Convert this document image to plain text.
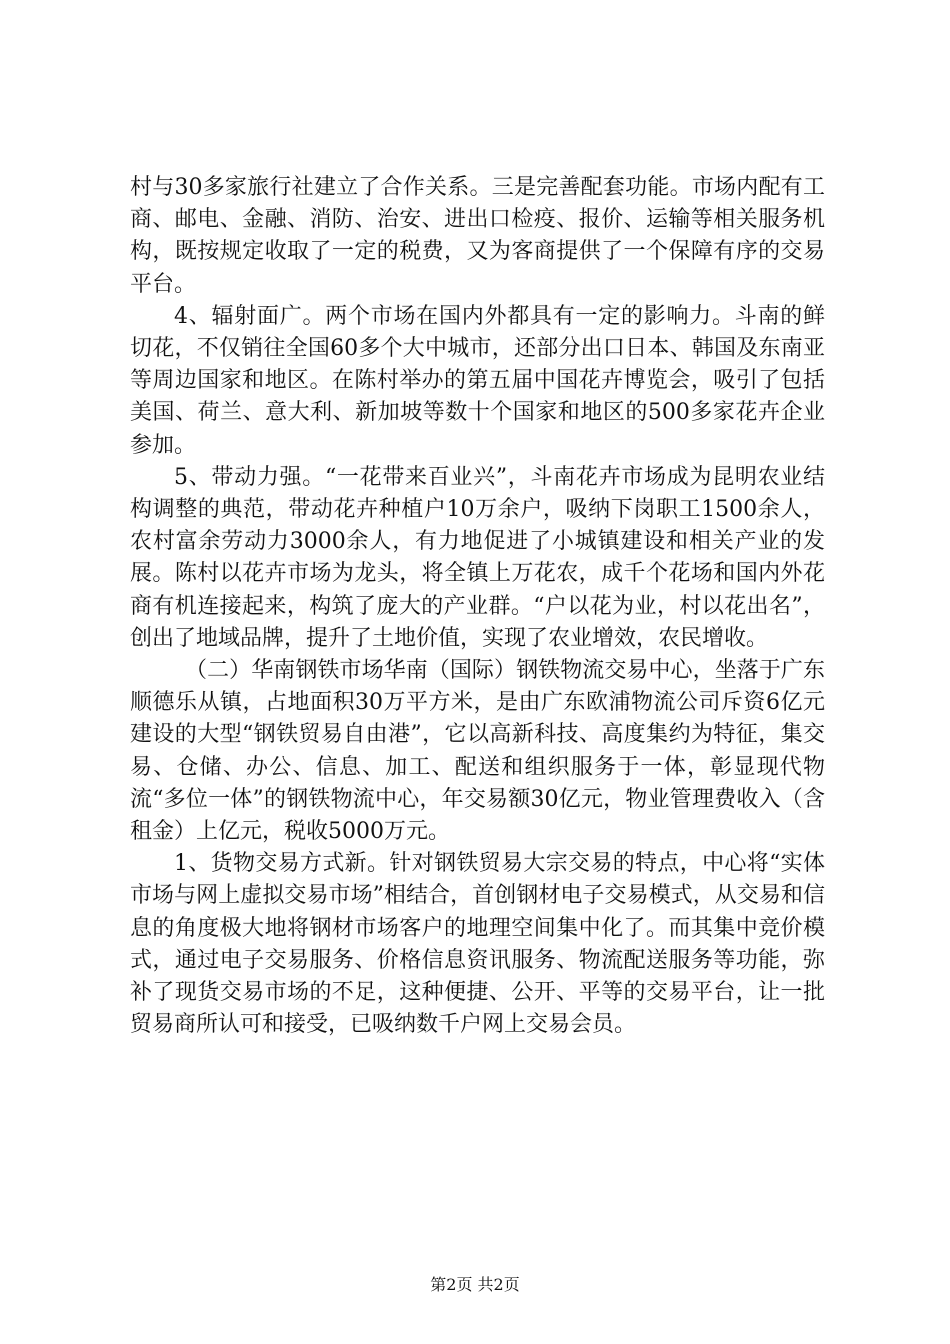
村与30多家旅行社建立了合作关系。三是完善配套功能。市场内配有工商、邮电、金融、消防、治安、进出口检疫、报价、运输等相关服务机构，既按规定收取了一定的税费，又为客商提供了一个保障有序的交易平台。

4、辐射面广。两个市场在国内外都具有一定的影响力。斗南的鲜切花，不仅销往全国60多个大中城市，还部分出口日本、韩国及东南亚等周边国家和地区。在陈村举办的第五届中国花卉博览会，吸引了包括美国、荷兰、意大利、新加坡等数十个国家和地区的500多家花卉企业参加。

5、带动力强。“一花带来百业兴”，斗南花卉市场成为昆明农业结构调整的典范，带动花卉种植户10万余户，吸纳下岗职工1500余人，农村富余劳动力3000余人，有力地促进了小城镇建设和相关产业的发展。陈村以花卉市场为龙头，将全镇上万花农，成千个花场和国内外花商有机连接起来，构筑了庞大的产业群。“户以花为业，村以花出名”，创出了地域品牌，提升了土地价值，实现了农业增效，农民增收。

（二）华南钢铁市场华南（国际）钢铁物流交易中心，坐落于广东顺德乐从镇，占地面积30万平方米，是由广东欧浦物流公司斥资6亿元建设的大型“钢铁贸易自由港”，它以高新科技、高度集约为特征，集交易、仓储、办公、信息、加工、配送和组织服务于一体，彰显现代物流“多位一体”的钢铁物流中心，年交易额30亿元，物业管理费收入（含租金）上亿元，税收5000万元。

1、货物交易方式新。针对钢铁贸易大宗交易的特点，中心将“实体市场与网上虚拟交易市场”相结合，首创钢材电子交易模式，从交易和信息的角度极大地将钢材市场客户的地理空间集中化了。而其集中竞价模式，通过电子交易服务、价格信息资讯服务、物流配送服务等功能，弥补了现货交易市场的不足，这种便捷、公开、平等的交易平台，让一批贸易商所认可和接受，已吸纳数千户网上交易会员。

第2页 共2页
